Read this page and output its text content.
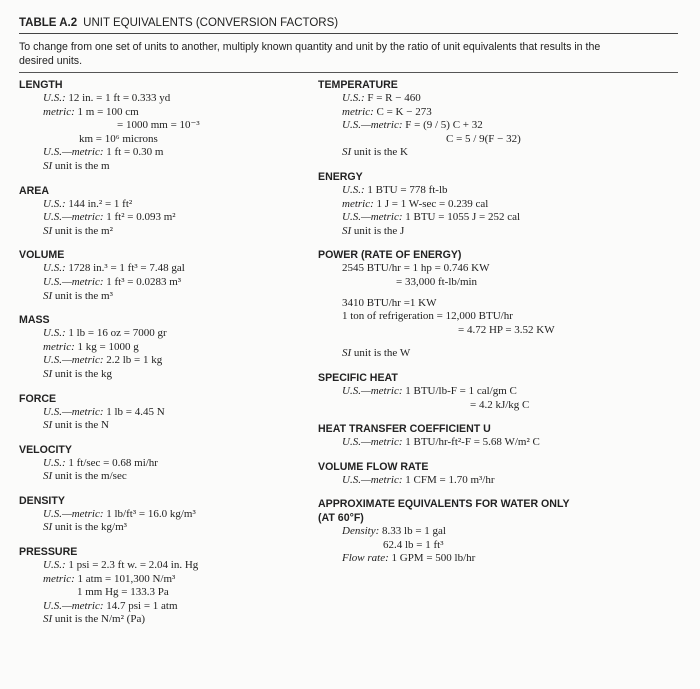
TABLE A.2 UNIT EQUIVALENTS (CONVERSION FACTORS)
To change from one set of units to another, multiply known quantity and unit by the ratio of unit equivalents that results in the desired units.
LENGTH
U.S.: 12 in. = 1 ft = 0.333 yd
metric: 1 m = 100 cm
= 1000 mm = 10⁻³
km = 10⁶ microns
U.S.—metric: 1 ft = 0.30 m
SI unit is the m
AREA
U.S.: 144 in.² = 1 ft²
U.S.—metric: 1 ft² = 0.093 m²
SI unit is the m²
VOLUME
U.S.: 1728 in.³ = 1 ft³ = 7.48 gal
U.S.—metric: 1 ft³ = 0.0283 m³
SI unit is the m³
MASS
U.S.: 1 lb = 16 oz = 7000 gr
metric: 1 kg = 1000 g
U.S.—metric: 2.2 lb = 1 kg
SI unit is the kg
FORCE
U.S.—metric: 1 lb = 4.45 N
SI unit is the N
VELOCITY
U.S.: 1 ft/sec = 0.68 mi/hr
SI unit is the m/sec
DENSITY
U.S.—metric: 1 lb/ft³ = 16.0 kg/m³
SI unit is the kg/m³
PRESSURE
U.S.: 1 psi = 2.3 ft w. = 2.04 in. Hg
metric: 1 atm = 101,300 N/m³
1 mm Hg = 133.3 Pa
U.S.—metric: 14.7 psi = 1 atm
SI unit is the N/m² (Pa)
TEMPERATURE
U.S.: F = R − 460
metric: C = K − 273
U.S.—metric: F = (9 / 5) C + 32
C = 5 / 9(F − 32)
SI unit is the K
ENERGY
U.S.: 1 BTU = 778 ft-lb
metric: 1 J = 1 W-sec = 0.239 cal
U.S.—metric: 1 BTU = 1055 J = 252 cal
SI unit is the J
POWER (RATE OF ENERGY)
2545 BTU/hr = 1 hp = 0.746 KW
= 33,000 ft-lb/min
3410 BTU/hr =1 KW
1 ton of refrigeration = 12,000 BTU/hr
= 4.72 HP = 3.52 KW
SI unit is the W
SPECIFIC HEAT
U.S.—metric: 1 BTU/lb-F = 1 cal/gm C
= 4.2 kJ/kg C
HEAT TRANSFER COEFFICIENT U
U.S.—metric: 1 BTU/hr-ft²-F = 5.68 W/m² C
VOLUME FLOW RATE
U.S.—metric: 1 CFM = 1.70 m³/hr
APPROXIMATE EQUIVALENTS FOR WATER ONLY
(AT 60°F)
Density: 8.33 lb = 1 gal
62.4 lb = 1 ft³
Flow rate: 1 GPM = 500 lb/hr
